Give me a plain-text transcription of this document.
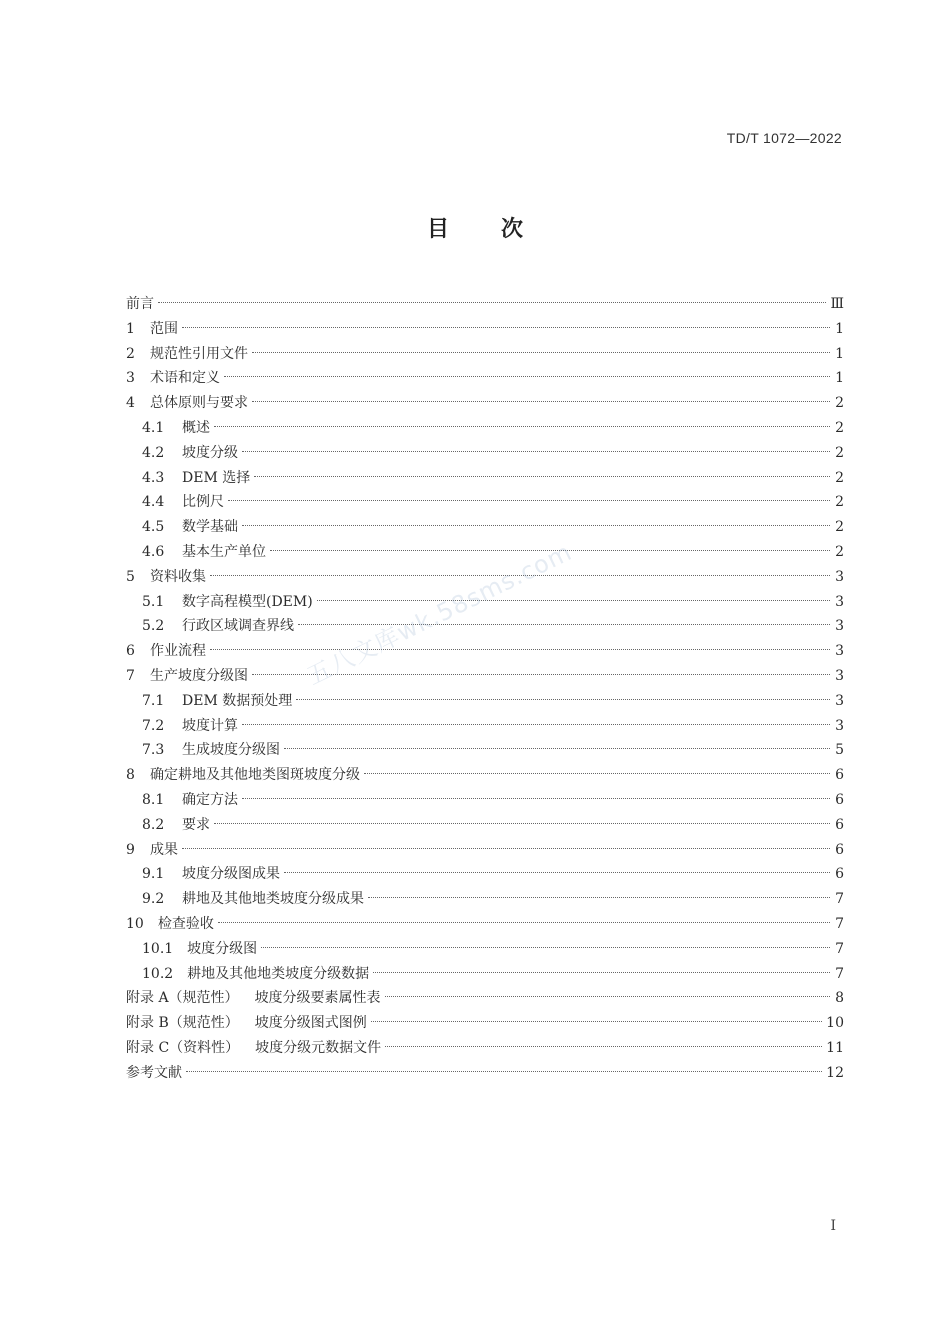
TD/T 1072—2022
目 次
前言	Ⅲ
1 范围	1
2 规范性引用文件	1
3 术语和定义	1
4 总体原则与要求	2
4.1 概述	2
4.2 坡度分级	2
4.3 DEM 选择	2
4.4 比例尺	2
4.5 数学基础	2
4.6 基本生产单位	2
5 资料收集	3
5.1 数字高程模型(DEM)	3
5.2 行政区域调查界线	3
6 作业流程	3
7 生产坡度分级图	3
7.1 DEM 数据预处理	3
7.2 坡度计算	3
7.3 生成坡度分级图	5
8 确定耕地及其他地类图斑坡度分级	6
8.1 确定方法	6
8.2 要求	6
9 成果	6
9.1 坡度分级图成果	6
9.2 耕地及其他地类坡度分级成果	7
10 检查验收	7
10.1 坡度分级图	7
10.2 耕地及其他地类坡度分级数据	7
附录 A（规范性） 坡度分级要素属性表	8
附录 B（规范性） 坡度分级图式图例	10
附录 C（资料性） 坡度分级元数据文件	11
参考文献	12
五八文库wk.58sms.com
I
